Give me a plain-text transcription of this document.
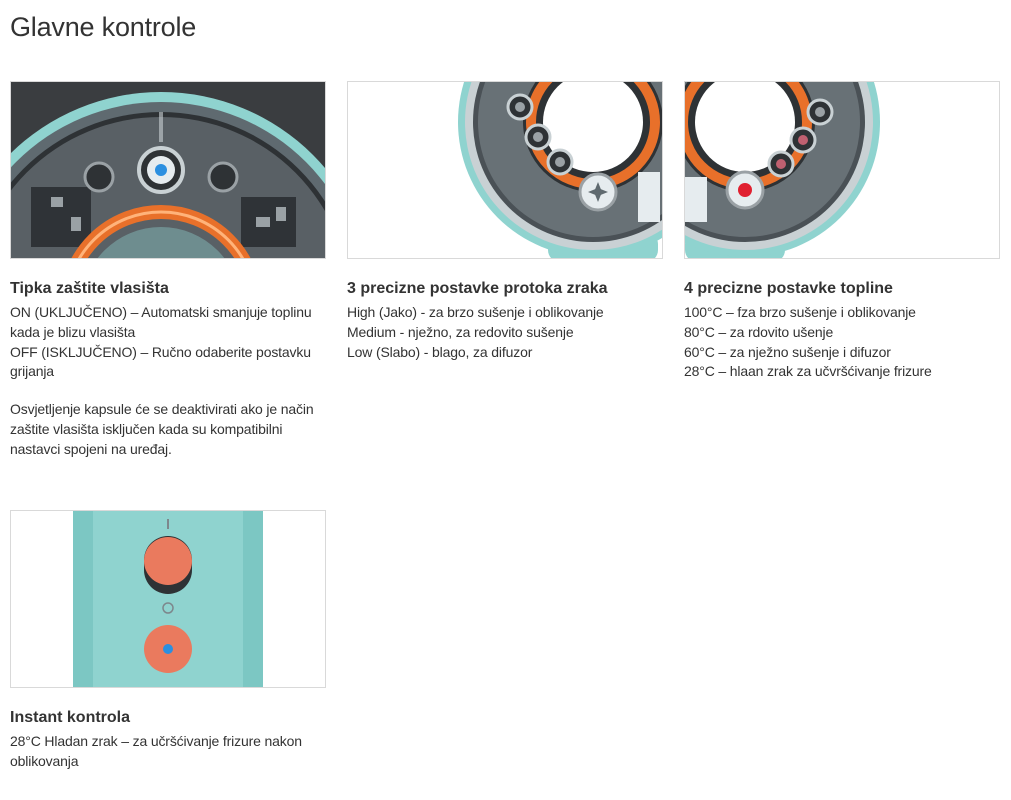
Glavne kontrole

Tipka zaštite vlasišta

ON (UKLJUČENO) – Automatski smanjuje toplinu kada je blizu vlasišta

OFF (ISKLJUČENO) – Ručno odaberite postavku grijanja

Osvjetljenje kapsule će se deaktivirati ako je način zaštite vlasišta isključen kada su kompatibilni nastavci spojeni na uređaj.

3 precizne postavke protoka zraka

High (Jako) - za brzo sušenje i oblikovanje

Medium - nježno, za redovito sušenje

Low (Slabo) - blago, za difuzor

4 precizne postavke topline

100°C – fza brzo sušenje i oblikovanje

80°C – za rdovito ušenje

60°C – za nježno sušenje i difuzor

28°C – hlaan zrak za učvršćivanje frizure

Instant kontrola

28°C Hladan zrak – za učršćivanje frizure nakon oblikovanja
